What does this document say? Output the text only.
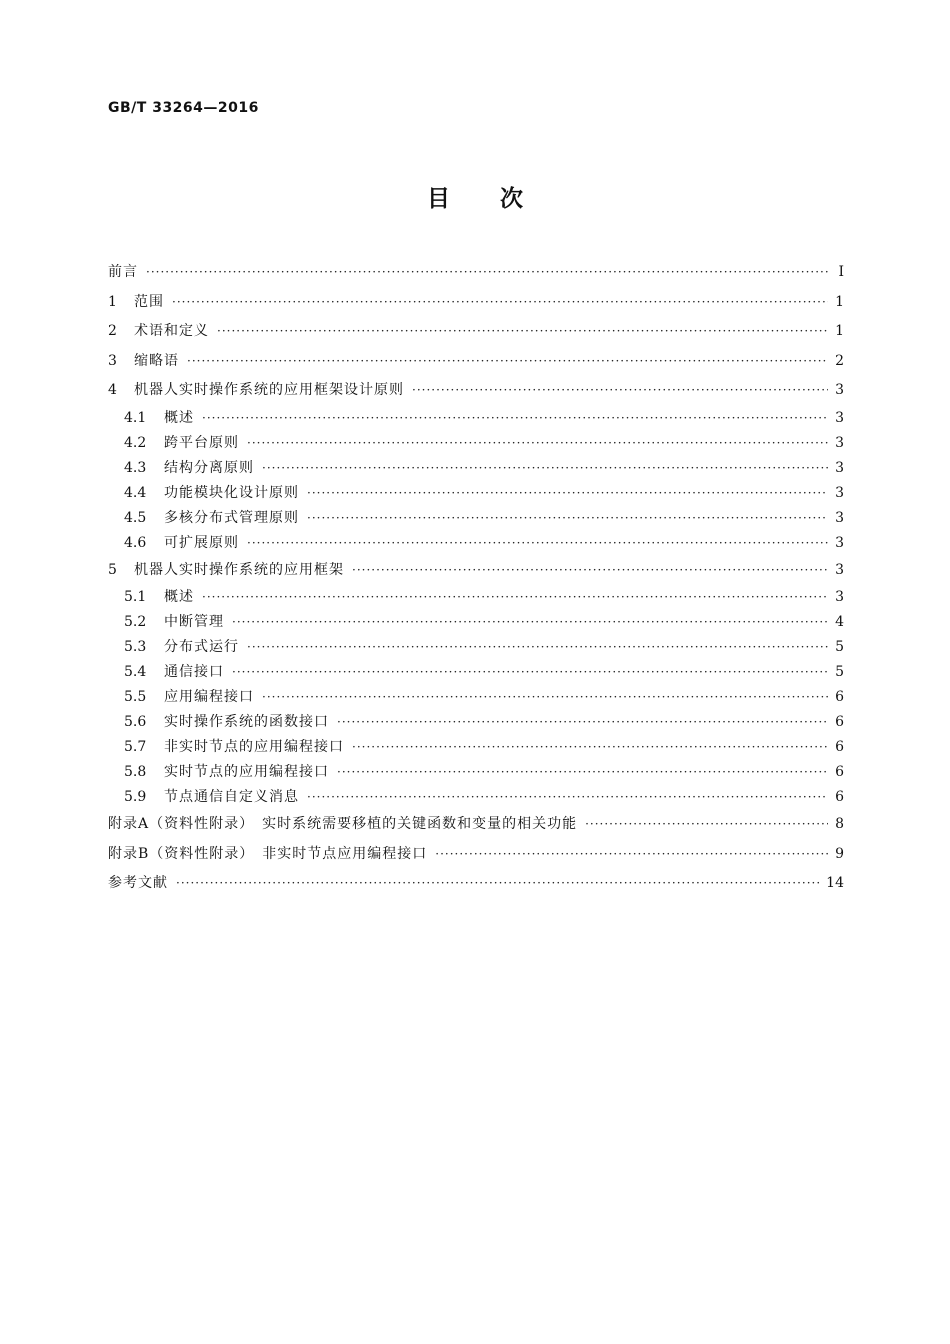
GB/T 33264—2016
目次
前言 ·····	Ⅰ
1	范围 ·····	1
2	术语和定义 ·····	1
3	缩略语 ·····	2
4	机器人实时操作系统的应用框架设计原则 ·····	3
4.1	概述 ·····	3
4.2	跨平台原则 ·····	3
4.3	结构分离原则 ·····	3
4.4	功能模块化设计原则 ·····	3
4.5	多核分布式管理原则 ·····	3
4.6	可扩展原则 ·····	3
5	机器人实时操作系统的应用框架 ·····	3
5.1	概述 ·····	3
5.2	中断管理 ·····	4
5.3	分布式运行 ·····	5
5.4	通信接口 ·····	5
5.5	应用编程接口 ·····	6
5.6	实时操作系统的函数接口 ·····	6
5.7	非实时节点的应用编程接口 ·····	6
5.8	实时节点的应用编程接口 ·····	6
5.9	节点通信自定义消息 ·····	6
附录A（资料性附录）　实时系统需要移植的关键函数和变量的相关功能 ·····	8
附录B（资料性附录）　非实时节点应用编程接口 ·····	9
参考文献 ·····	14
